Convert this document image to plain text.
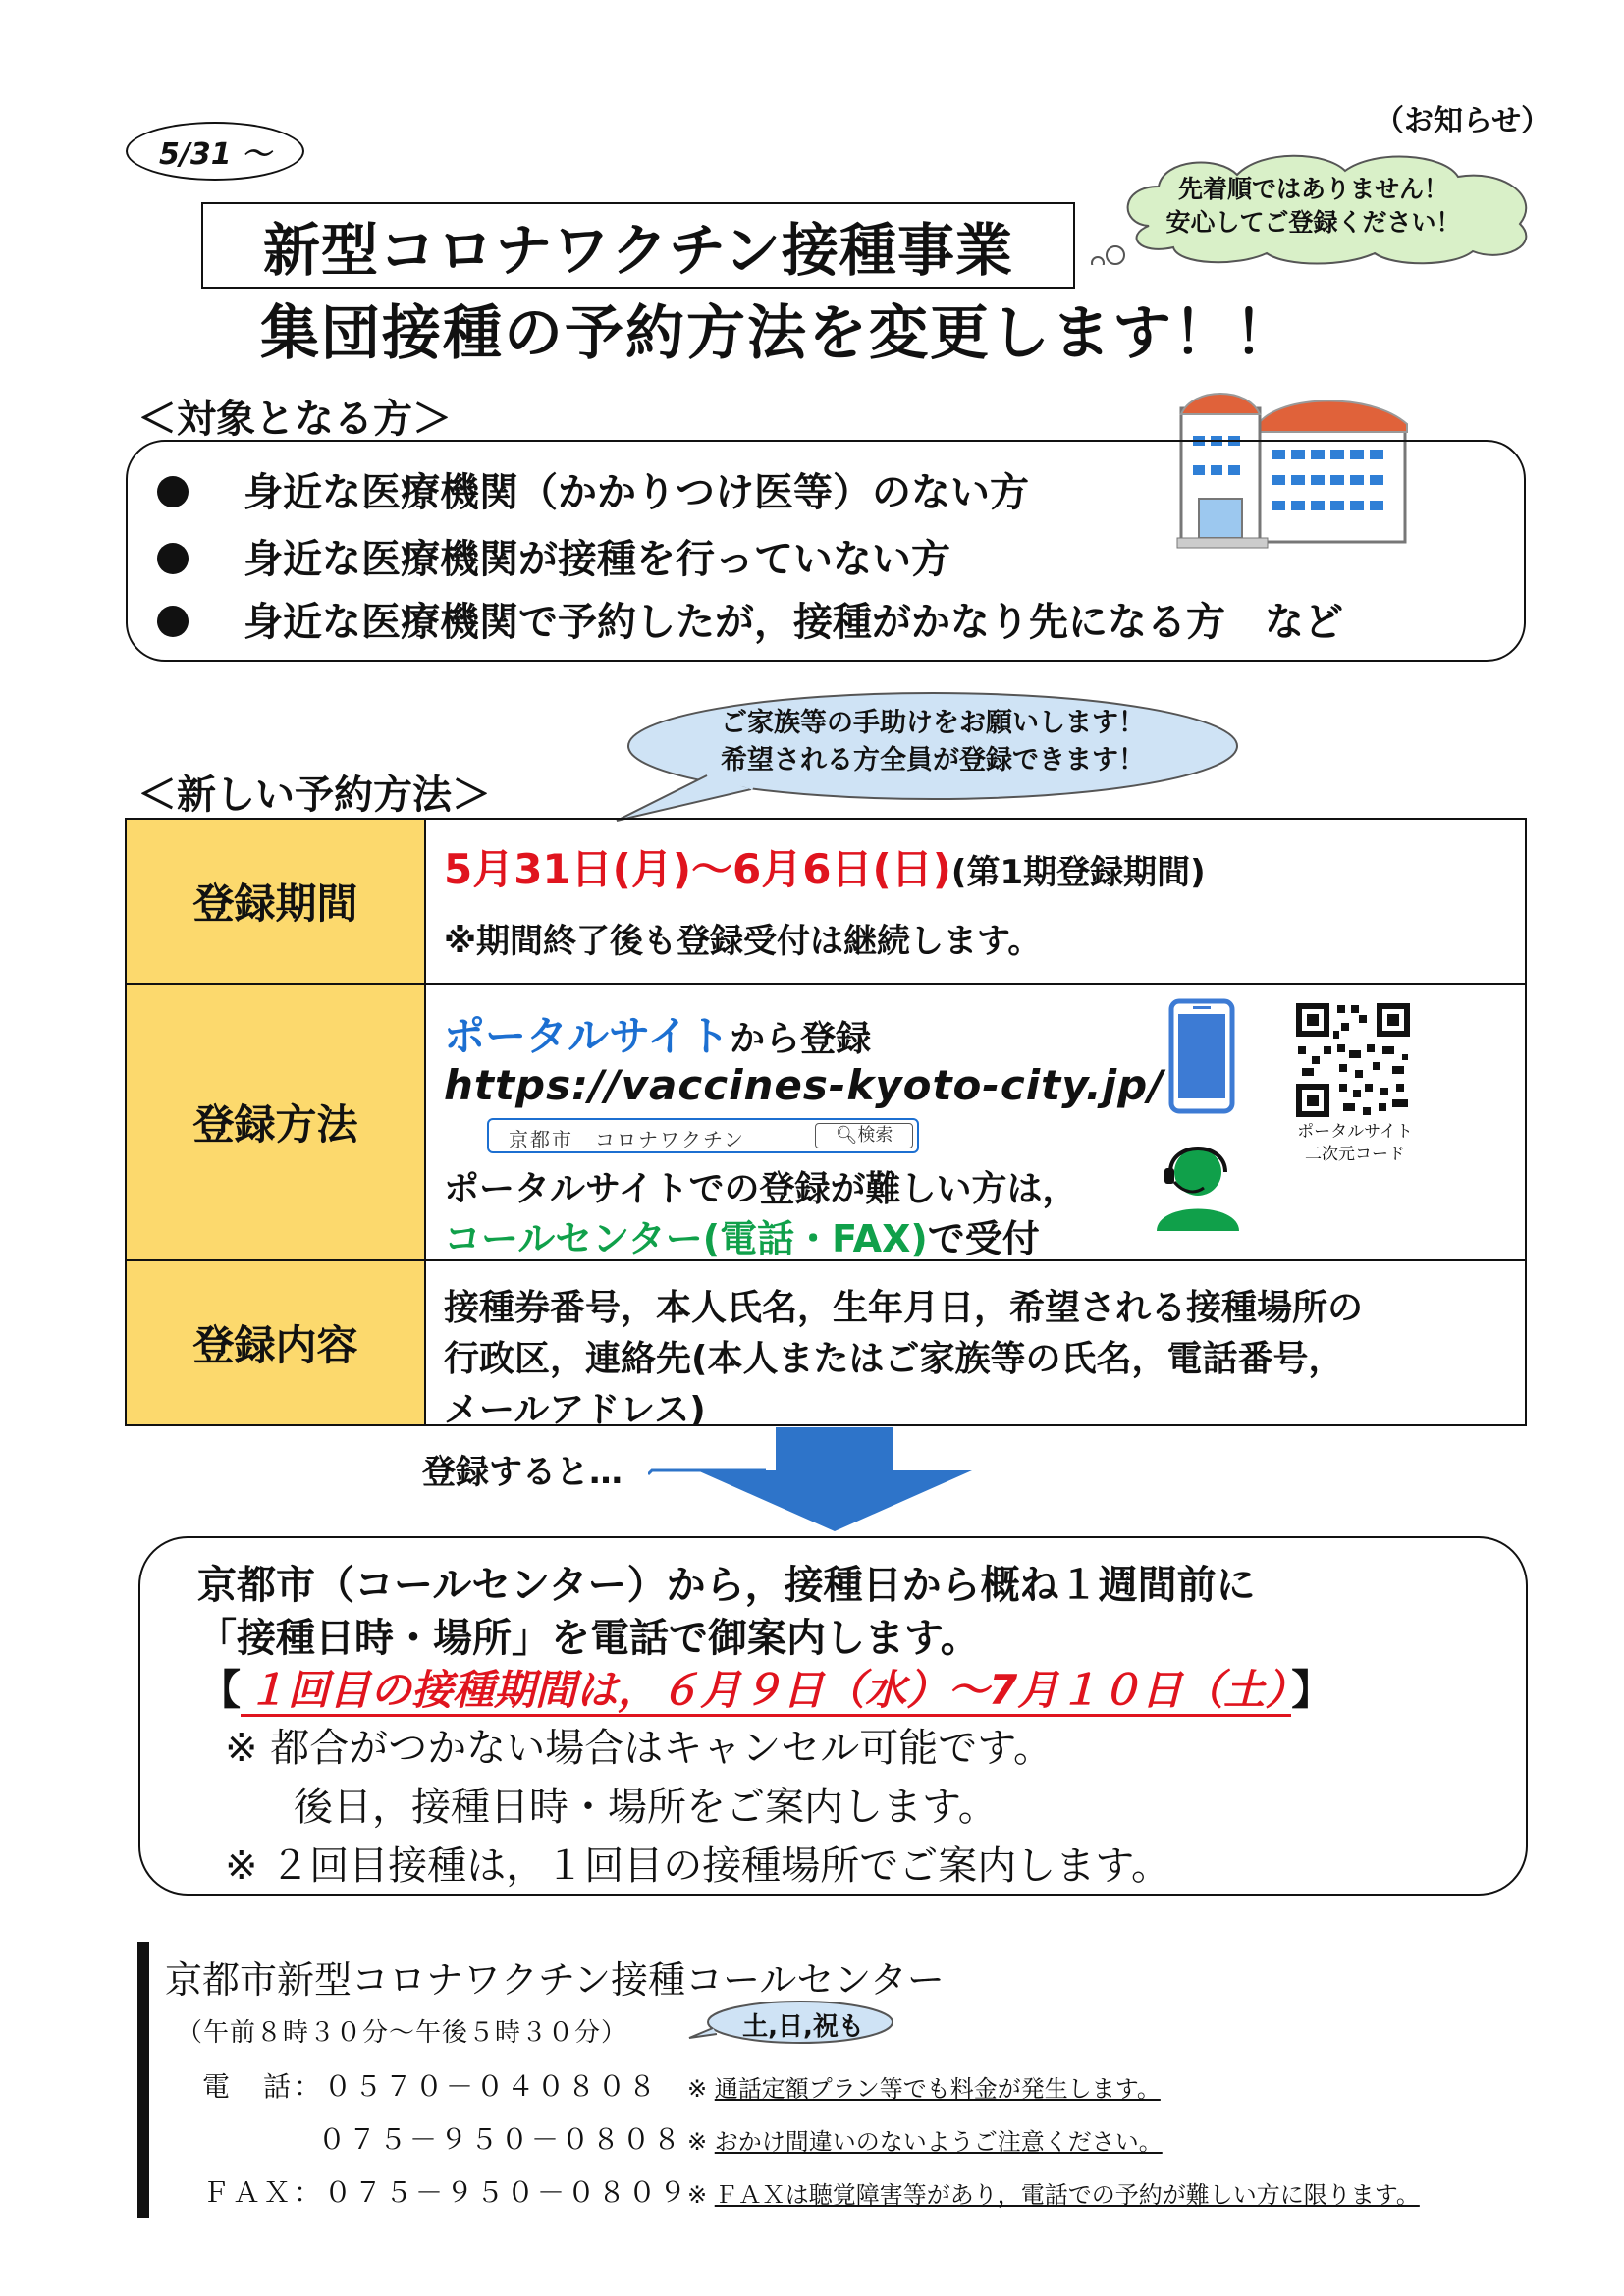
（お知らせ）
5/31 ～
新型コロナワクチン接種事業
集団接種の予約方法を変更します！！
先着順ではありません！
安心してご登録ください！
＜対象となる方＞
身近な医療機関（かかりつけ医等）のない方
身近な医療機関が接種を行っていない方
身近な医療機関で予約したが，接種がかなり先になる方　など
ご家族等の手助けをお願いします！
希望される方全員が登録できます！
＜新しい予約方法＞
登録期間
5月31日(月)～6月6日(日)(第1期登録期間)
※期間終了後も登録受付は継続します。
登録方法
ポータルサイトから登録
https://vaccines-kyoto-city.jp/
京都市　コロナワクチン	🔍︎検索
ポータルサイトでの登録が難しい方は，
コールセンター(電話・FAX)で受付
登録内容
接種券番号，本人氏名，生年月日，希望される接種場所の
行政区，連絡先(本人またはご家族等の氏名，電話番号，
メールアドレス)
ポータルサイト
二次元コード
登録すると…
京都市（コールセンター）から，接種日から概ね１週間前に
「接種日時・場所」を電話で御案内します。
【 １回目の接種期間は，６月９日（水）～7月１０日（土） 】
※ 都合がつかない場合はキャンセル可能です。
後日，接種日時・場所をご案内します。
※ ２回目接種は，１回目の接種場所でご案内します。
京都市新型コロナワクチン接種コールセンター
（午前８時３０分～午後５時３０分）	土,日,祝も
電　話：０５７０－０４０８０８ ※ 通話定額プラン等でも料金が発生します。
０７５－９５０－０８０８ ※ おかけ間違いのないようご注意ください。
ＦＡＸ：０７５－９５０－０８０９
※ ＦＡＸは聴覚障害等があり，電話での予約が難しい方に限ります。
